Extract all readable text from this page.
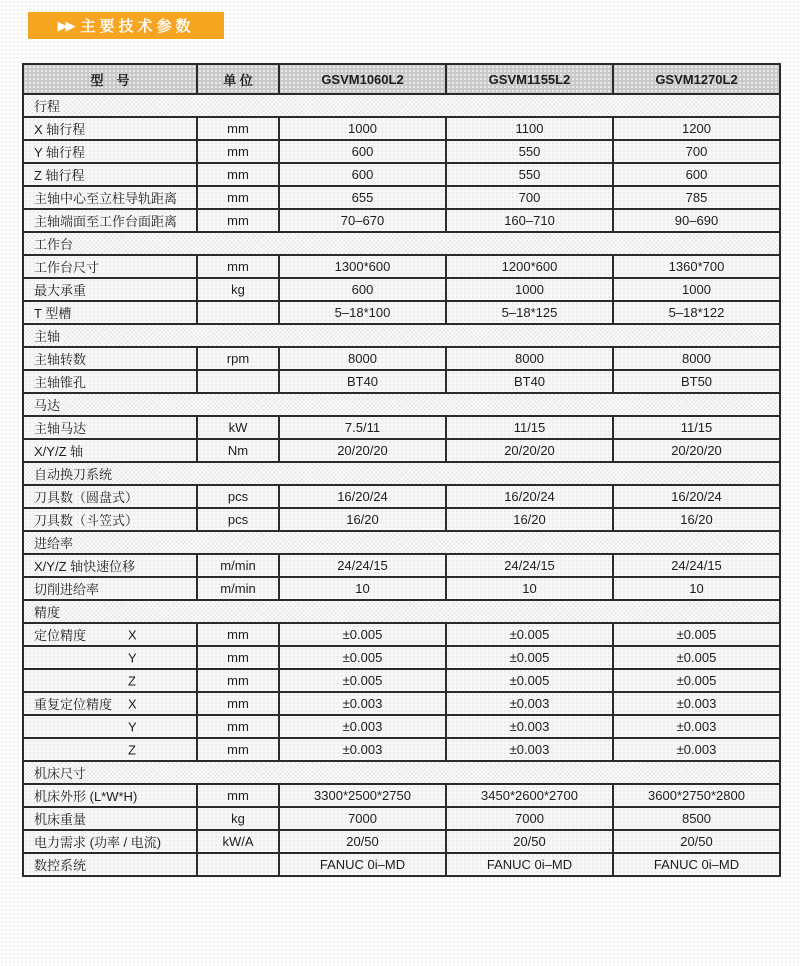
▶▶ 主要技术参数
型　号	单 位	GSVM1060L2	GSVM1155L2	GSVM1270L2
行程				
X 轴行程	mm	1000	1100	1200
Y 轴行程	mm	600	550	700
Z 轴行程	mm	600	550	600
主轴中心至立柱导轨距离	mm	655	700	785
主轴端面至工作台面距离	mm	70–670	160–710	90–690
工作台				
工作台尺寸	mm	1300*600	1200*600	1360*700
最大承重	kg	600	1000	1000
T 型槽		5–18*100	5–18*125	5–18*122
主轴				
主轴转数	rpm	8000	8000	8000
主轴锥孔		BT40	BT40	BT50
马达				
主轴马达	kW	7.5/11	11/15	11/15
X/Y/Z 轴	Nm	20/20/20	20/20/20	20/20/20
自动换刀系统				
刀具数（圆盘式）	pcs	16/20/24	16/20/24	16/20/24
刀具数（斗笠式）	pcs	16/20	16/20	16/20
进给率				
X/Y/Z 轴快速位移	m/min	24/24/15	24/24/15	24/24/15
切削进给率	m/min	10	10	10
精度				
定位精度 X	mm	±0.005	±0.005	±0.005

Y	mm	±0.005	±0.005	±0.005

Z	mm	±0.005	±0.005	±0.005
重复定位精度 X	mm	±0.003	±0.003	±0.003

Y	mm	±0.003	±0.003	±0.003

Z	mm	±0.003	±0.003	±0.003
机床尺寸				
机床外形 (L*W*H)	mm	3300*2500*2750	3450*2600*2700	3600*2750*2800
机床重量	kg	7000	7000	8500
电力需求 (功率 / 电流)	kW/A	20/50	20/50	20/50
数控系统		FANUC 0i–MD	FANUC 0i–MD	FANUC 0i–MD
